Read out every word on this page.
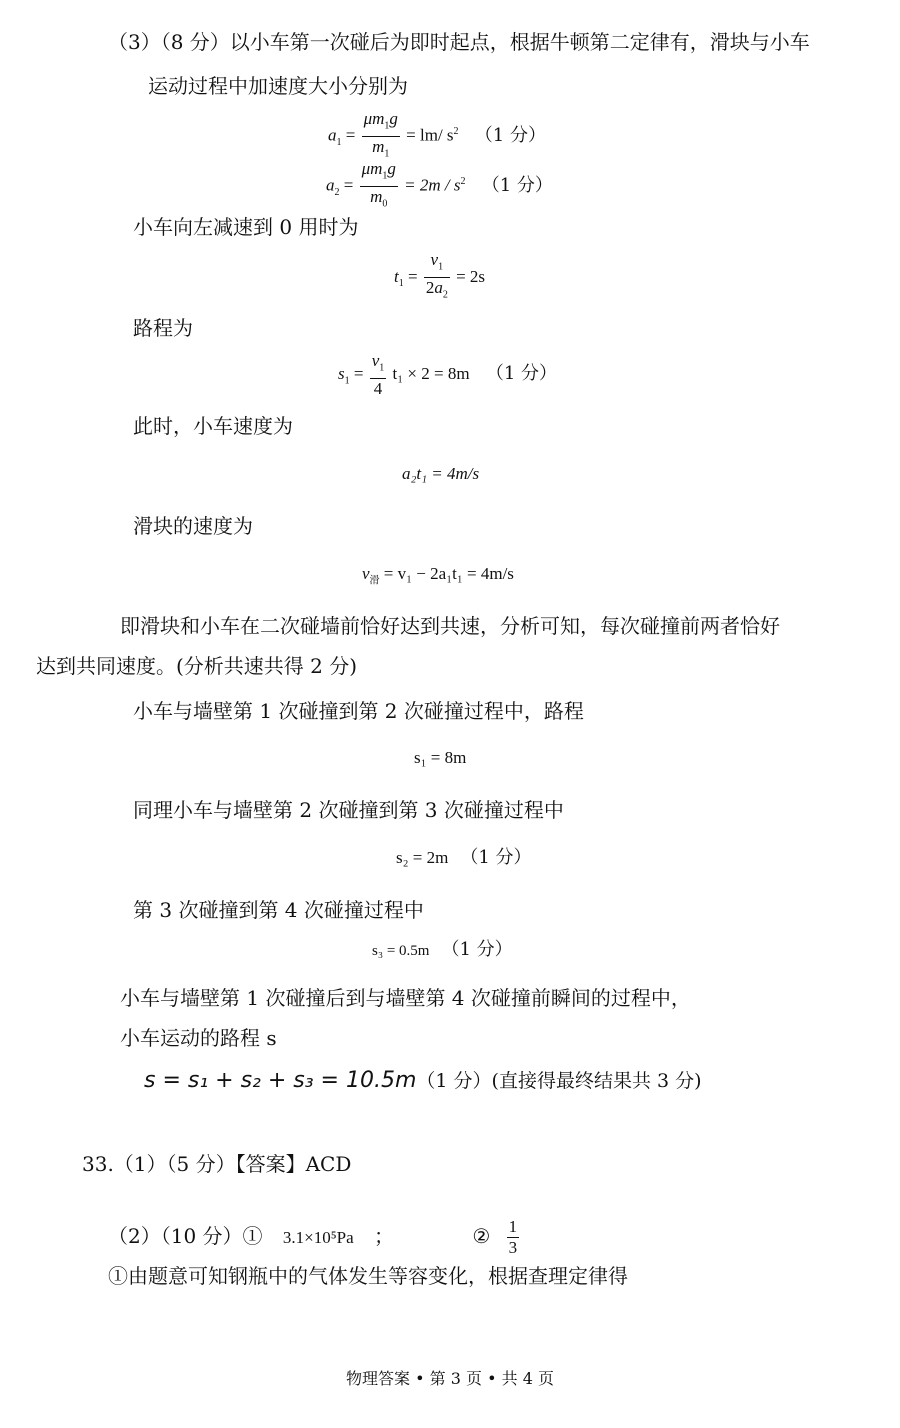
（3）（8 分）以小车第一次碰后为即时起点，根据牛顿第二定律有，滑块与小车
运动过程中加速度大小分别为
$a_1 = \frac{\mu m_1g}{m_1} = lm/$ $s^2$ （1 分）
$a_2 = \frac{\mu m_1g}{m_0} = 2m / s^2$ （1 分）
小车向左减速到 0 用时为
$t_1 = \frac{v_1}{2a_2} = 2s$
路程为
$s_1 = \frac{v_1}{4} t_1 \times 2 = 8m$ （1 分）
此时，小车速度为
a₂t₁ = 4m/s
滑块的速度为
$v_滑 = v_1 - 2a_1t_1 = 4m/s$
即滑块和小车在二次碰墙前恰好达到共速，分析可知，每次碰撞前两者恰好
达到共同速度。(分析共速共得 2 分)
小车与墙壁第 1 次碰撞到第 2 次碰撞过程中，路程
s₁ = 8m
同理小车与墙壁第 2 次碰撞到第 3 次碰撞过程中
s₂ = 2m （1 分）
第 3 次碰撞到第 4 次碰撞过程中
s₃ = 0.5m （1 分）
小车与墙壁第 1 次碰撞后到与墙壁第 4 次碰撞前瞬间的过程中，
小车运动的路程 s
s = s₁ + s₂ + s₃ = 10.5m（1 分）(直接得最终结果共 3 分)
33.（1）（5 分）【答案】ACD
（2）（10 分）① 3.1×10⁵Pa ；	② $\frac{1}{3}$
①由题意可知钢瓶中的气体发生等容变化，根据查理定律得
物理答案 • 第 3 页 • 共 4 页
